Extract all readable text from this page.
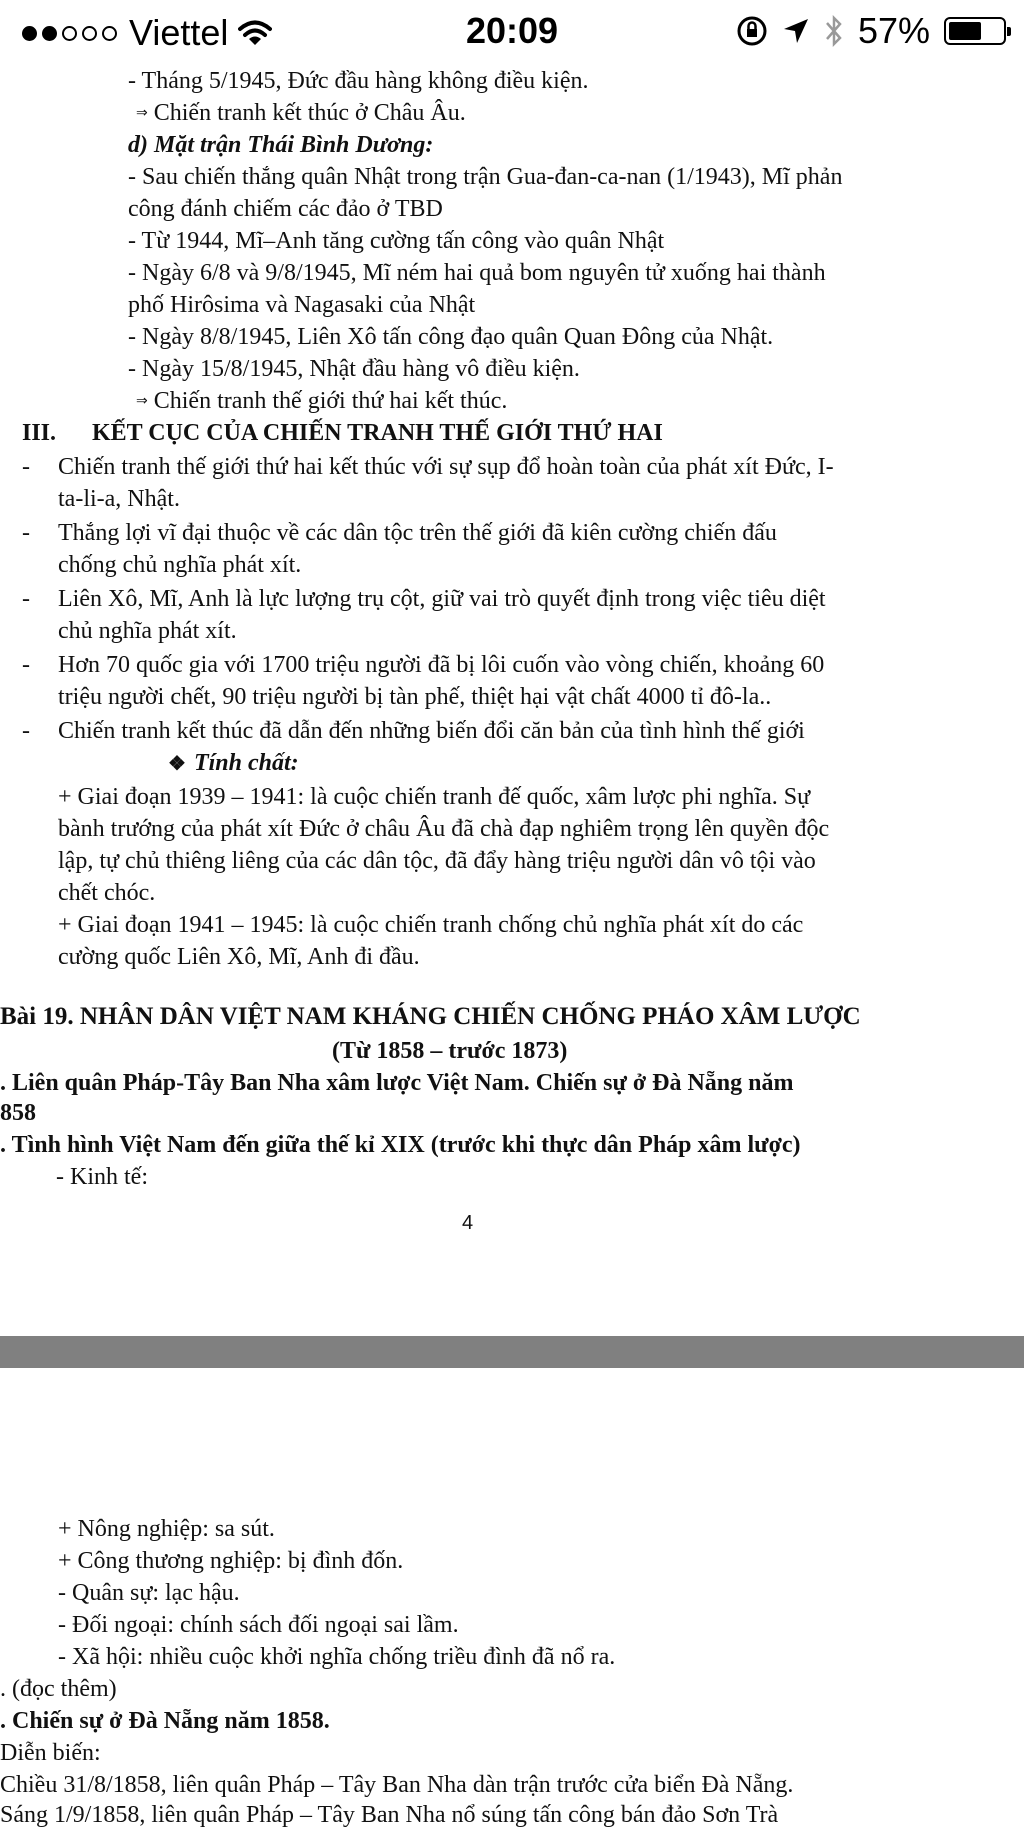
Viettel	20:09	57%
- Tháng 5/1945, Đức đầu hàng không điều kiện.
⇒ Chiến tranh kết thúc ở Châu Âu.
d) Mặt trận Thái Bình Dương:
- Sau chiến thắng quân Nhật trong trận Gua-đan-ca-nan (1/1943), Mĩ phản
công đánh chiếm các đảo ở TBD
- Từ 1944, Mĩ–Anh tăng cường tấn công vào quân Nhật
- Ngày 6/8 và 9/8/1945, Mĩ ném hai quả bom nguyên tử xuống hai thành
phố Hirôsima và Nagasaki của Nhật
- Ngày 8/8/1945, Liên Xô tấn công đạo quân Quan Đông của Nhật.
- Ngày 15/8/1945, Nhật đầu hàng vô điều kiện.
⇒ Chiến tranh thế giới thứ hai kết thúc.
III. KẾT CỤC CỦA CHIẾN TRANH THẾ GIỚI THỨ HAI
- Chiến tranh thế giới thứ hai kết thúc với sự sụp đổ hoàn toàn của phát xít Đức, I-
ta-li-a, Nhật.
- Thắng lợi vĩ đại thuộc về các dân tộc trên thế giới đã kiên cường chiến đấu
chống chủ nghĩa phát xít.
- Liên Xô, Mĩ, Anh là lực lượng trụ cột, giữ vai trò quyết định trong việc tiêu diệt
chủ nghĩa phát xít.
- Hơn 70 quốc gia với 1700 triệu người đã bị lôi cuốn vào vòng chiến, khoảng 60
triệu người chết, 90 triệu người bị tàn phế, thiệt hại vật chất 4000 tỉ đô-la..
- Chiến tranh kết thúc đã dẫn đến những biến đổi căn bản của tình hình thế giới
❖ Tính chất:
+ Giai đoạn 1939 – 1941: là cuộc chiến tranh đế quốc, xâm lược phi nghĩa. Sự
bành trướng của phát xít Đức ở châu Âu đã chà đạp nghiêm trọng lên quyền độc
lập, tự chủ thiêng liêng của các dân tộc, đã đẩy hàng triệu người dân vô tội vào
chết chóc.
+ Giai đoạn 1941 – 1945: là cuộc chiến tranh chống chủ nghĩa phát xít do các
cường quốc Liên Xô, Mĩ, Anh đi đầu.
Bài 19. NHÂN DÂN VIỆT NAM KHÁNG CHIẾN CHỐNG PHÁO XÂM LƯỢC
(Từ 1858 – trước 1873)
. Liên quân Pháp-Tây Ban Nha xâm lược Việt Nam. Chiến sự ở Đà Nẵng năm
858
. Tình hình Việt Nam đến giữa thế kỉ XIX (trước khi thực dân Pháp xâm lược)
- Kinh tế:
4
+ Nông nghiệp: sa sút.
+ Công thương nghiệp: bị đình đốn.
- Quân sự: lạc hậu.
- Đối ngoại: chính sách đối ngoại sai lầm.
- Xã hội: nhiều cuộc khởi nghĩa chống triều đình đã nổ ra.
. (đọc thêm)
. Chiến sự ở Đà Nẵng năm 1858.
Diễn biến:
Chiều 31/8/1858, liên quân Pháp – Tây Ban Nha dàn trận trước cửa biển Đà Nẵng.
Sáng 1/9/1858, liên quân Pháp – Tây Ban Nha nổ súng tấn công bán đảo Sơn Trà
